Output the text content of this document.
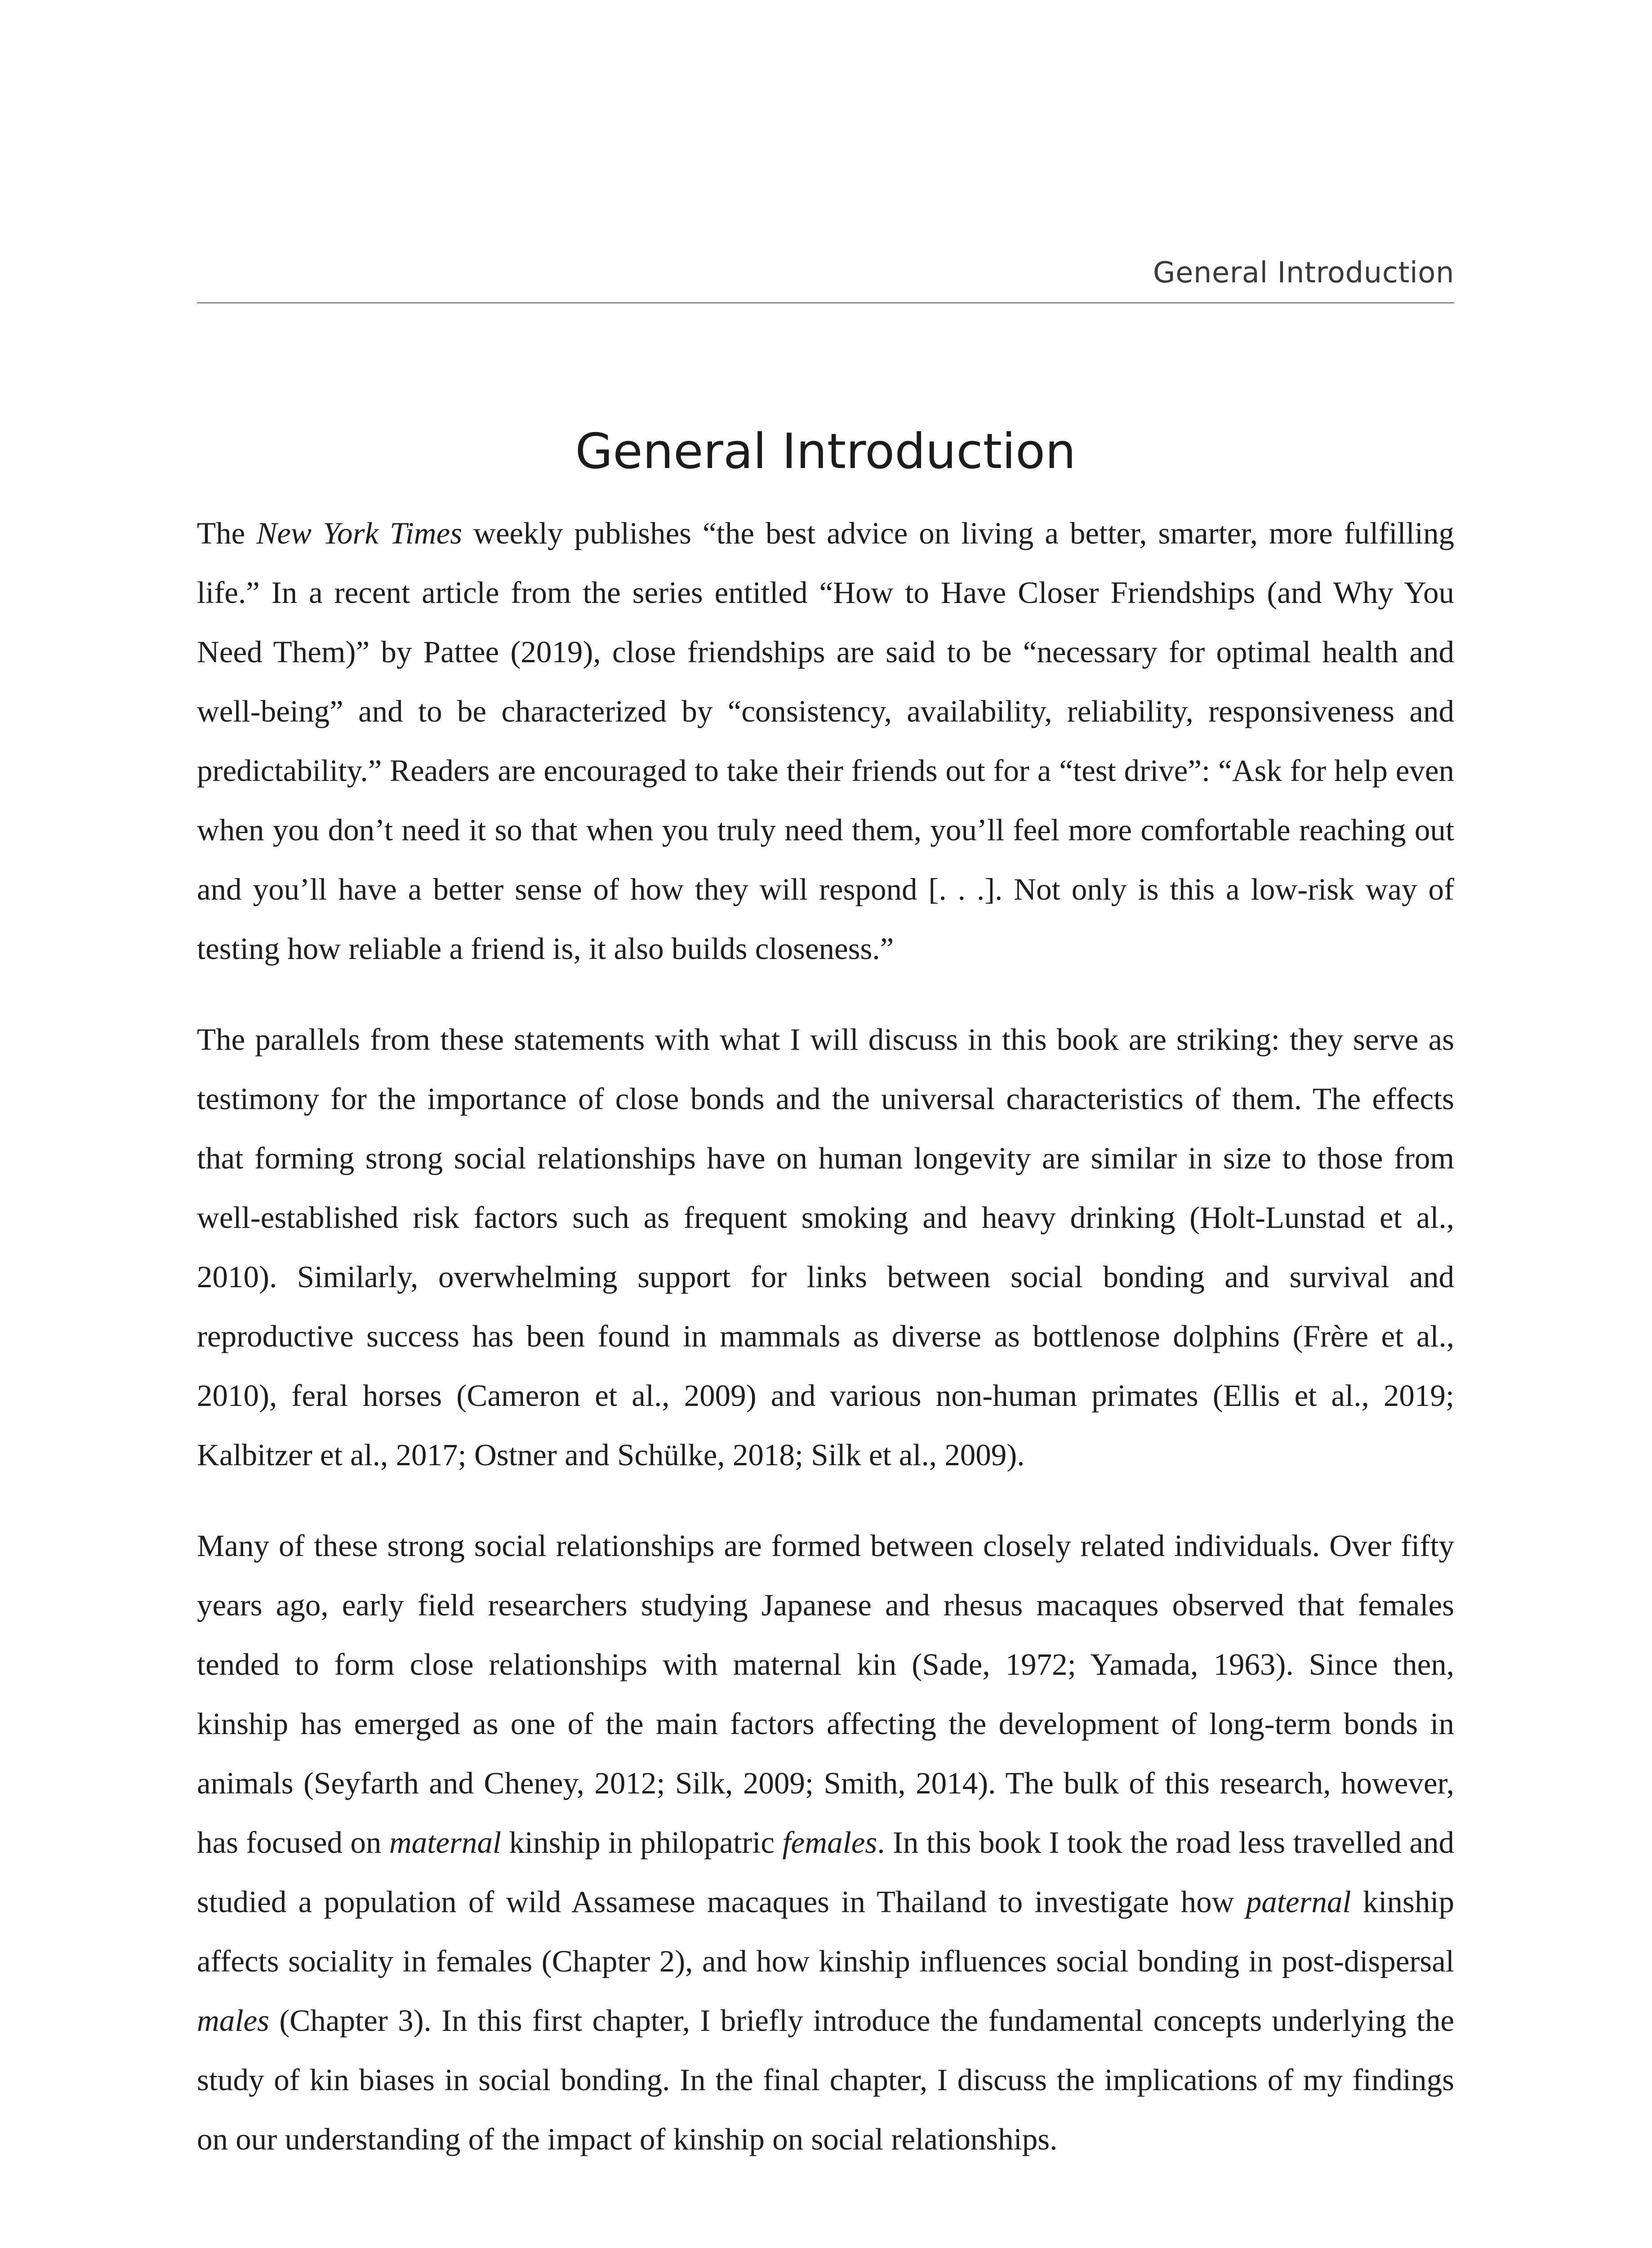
General Introduction
General Introduction

The New York Times weekly publishes “the best advice on living a better, smarter, more fulfilling life.” In a recent article from the series entitled “How to Have Closer Friendships (and Why You Need Them)” by Pattee (2019), close friendships are said to be “necessary for optimal health and well-being” and to be characterized by “consistency, availability, reliability, responsiveness and predictability.” Readers are encouraged to take their friends out for a “test drive”: “Ask for help even when you don’t need it so that when you truly need them, you’ll feel more comfortable reaching out and you’ll have a better sense of how they will respond [. . .]. Not only is this a low-risk way of testing how reliable a friend is, it also builds closeness.”

The parallels from these statements with what I will discuss in this book are striking: they serve as testimony for the importance of close bonds and the universal characteristics of them. The effects that forming strong social relationships have on human longevity are similar in size to those from well-established risk factors such as frequent smoking and heavy drinking (Holt-Lunstad et al., 2010). Similarly, overwhelming support for links between social bonding and survival and reproductive success has been found in mammals as diverse as bottlenose dolphins (Frère et al., 2010), feral horses (Cameron et al., 2009) and various non-human primates (Ellis et al., 2019; Kalbitzer et al., 2017; Ostner and Schülke, 2018; Silk et al., 2009).

Many of these strong social relationships are formed between closely related individuals. Over fifty years ago, early field researchers studying Japanese and rhesus macaques observed that females tended to form close relationships with maternal kin (Sade, 1972; Yamada, 1963). Since then, kinship has emerged as one of the main factors affecting the development of long-term bonds in animals (Seyfarth and Cheney, 2012; Silk, 2009; Smith, 2014). The bulk of this research, however, has focused on maternal kinship in philopatric females. In this book I took the road less travelled and studied a population of wild Assamese macaques in Thailand to investigate how paternal kinship affects sociality in females (Chapter 2), and how kinship influences social bonding in post-dispersal males (Chapter 3). In this first chapter, I briefly introduce the fundamental concepts underlying the study of kin biases in social bonding. In the final chapter, I discuss the implications of my findings on our understanding of the impact of kinship on social relationships.
